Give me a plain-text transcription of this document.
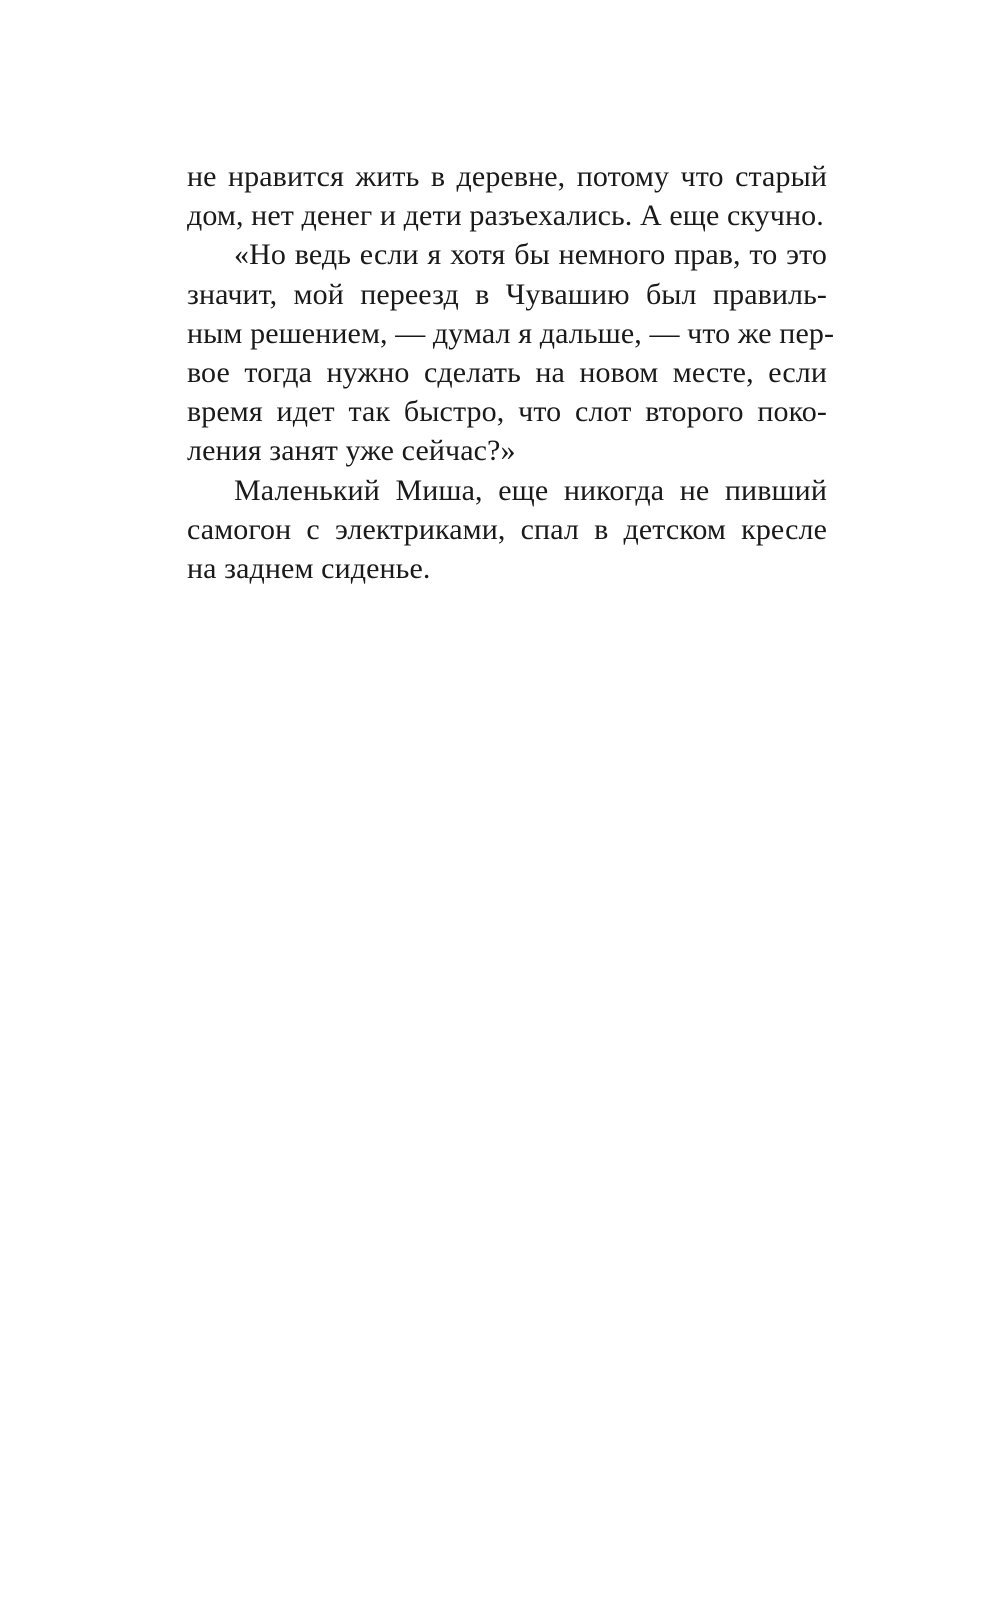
не нравится жить в деревне, потому что старый
дом, нет денег и дети разъехались. А еще скучно.
«Но ведь если я хотя бы немного прав, то это
значит, мой переезд в Чувашию был правиль-
ным решением, — думал я дальше, — что же пер-
вое тогда нужно сделать на новом месте, если
время идет так быстро, что слот второго поко-
ления занят уже сейчас?»
Маленький Миша, еще никогда не пивший
самогон с электриками, спал в детском кресле
на заднем сиденье.
